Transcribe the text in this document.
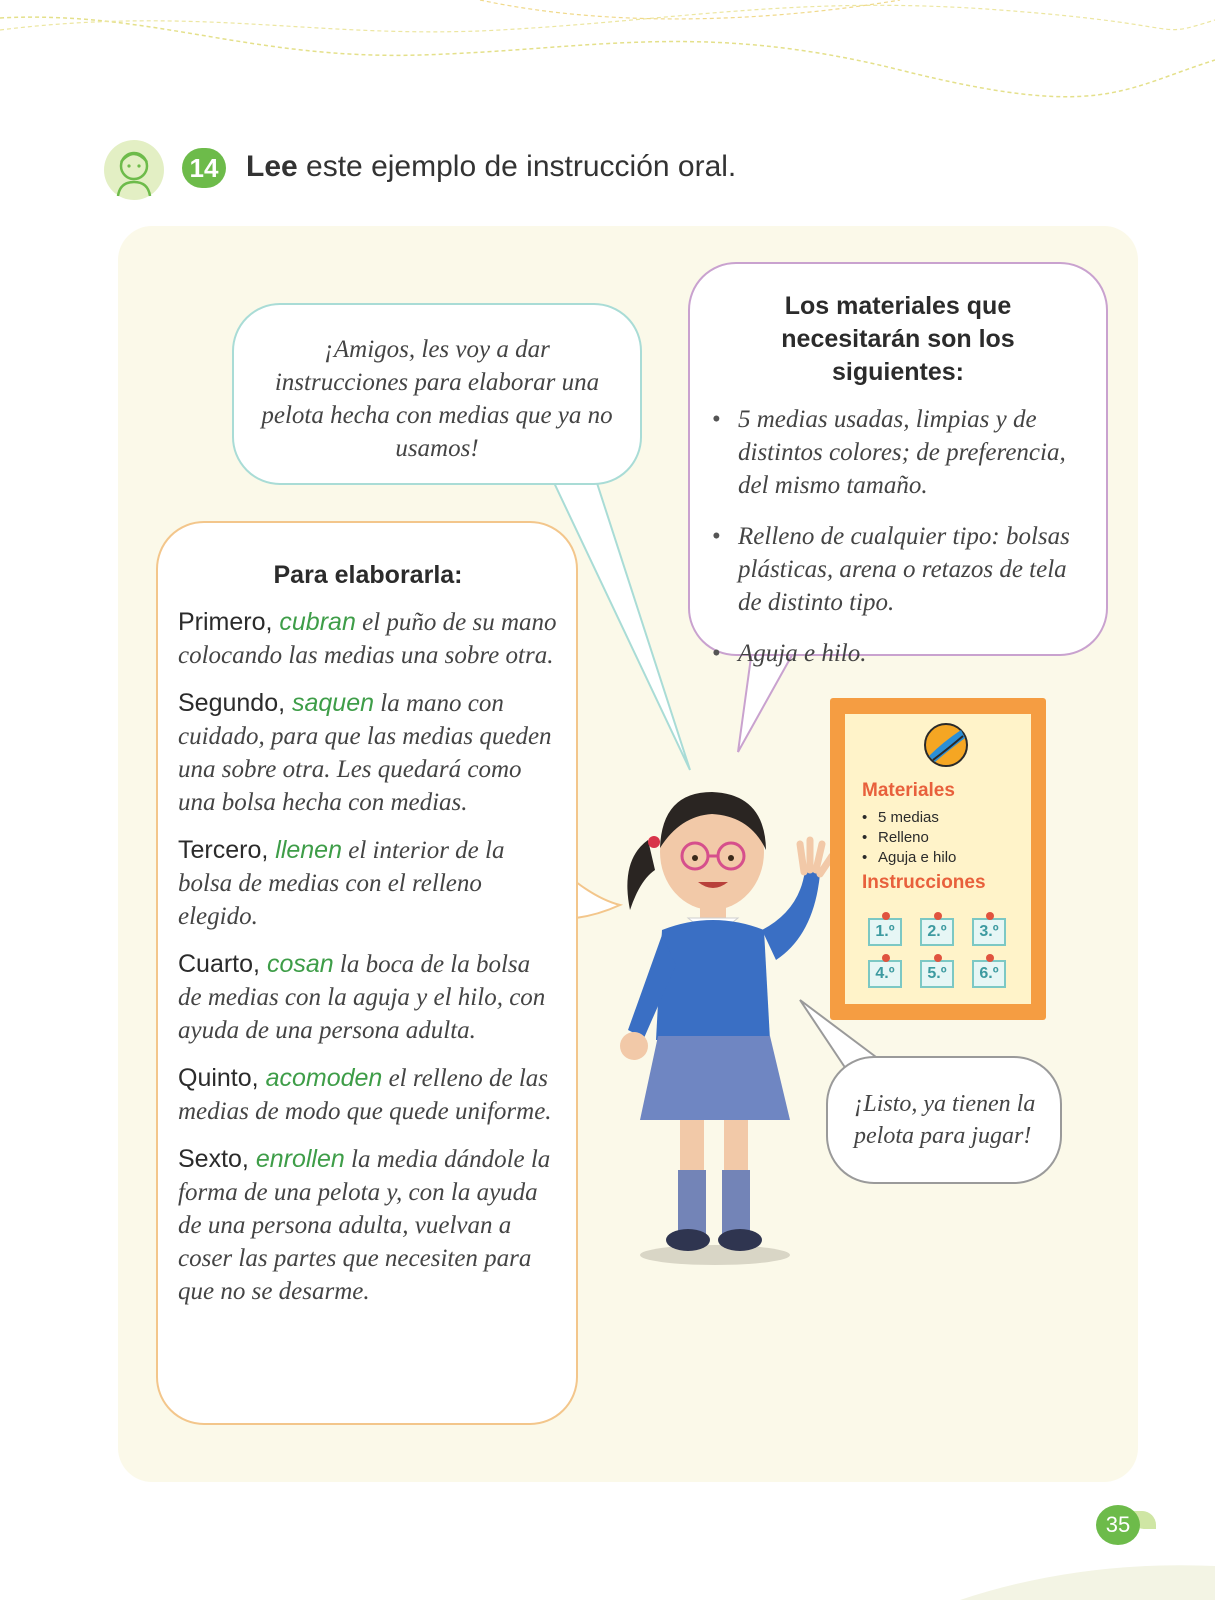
14 Lee este ejemplo de instrucción oral.
¡Amigos, les voy a dar instrucciones para elaborar una pelota hecha con medias que ya no usamos!
Los materiales que necesitarán son los siguientes:
• 5 medias usadas, limpias y de distintos colores; de preferencia, del mismo tamaño.
• Relleno de cualquier tipo: bolsas plásticas, arena o retazos de tela de distinto tipo.
• Aguja e hilo.
Para elaborarla:
Primero, cubran el puño de su mano colocando las medias una sobre otra.
Segundo, saquen la mano con cuidado, para que las medias queden una sobre otra. Les quedará como una bolsa hecha con medias.
Tercero, llenen el interior de la bolsa de medias con el relleno elegido.
Cuarto, cosan la boca de la bolsa de medias con la aguja y el hilo, con ayuda de una persona adulta.
Quinto, acomoden el relleno de las medias de modo que quede uniforme.
Sexto, enrollen la media dándole la forma de una pelota y, con la ayuda de una persona adulta, vuelvan a coser las partes que necesiten para que no se desarme.
Materiales
• 5 medias
• Relleno
• Aguja e hilo
Instrucciones
1.º	2.º	3.º
4.º	5.º	6.º
¡Listo, ya tienen la pelota para jugar!
35
